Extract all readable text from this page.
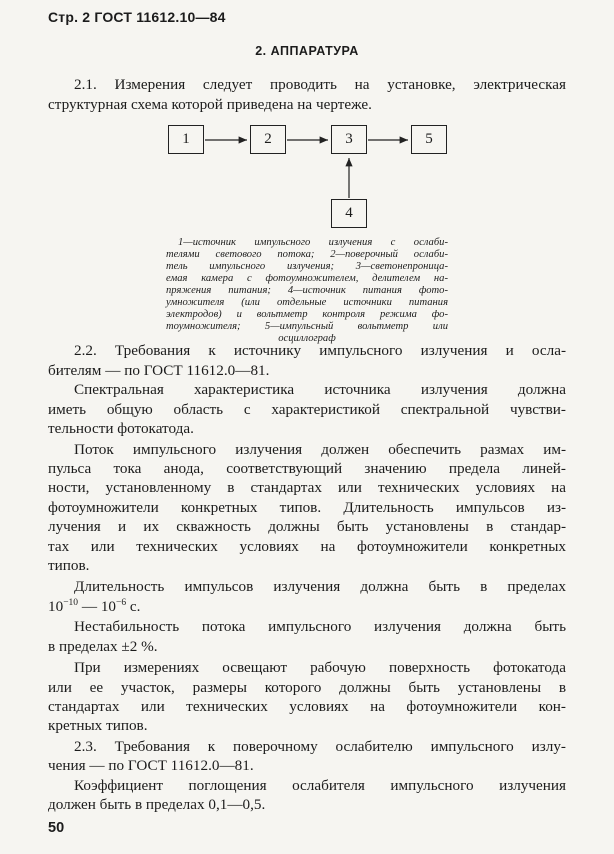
Стр. 2 ГОСТ 11612.10—84
2. АППАРАТУРА
2.1. Измерения следует проводить на установке, электрическая
структурная схема которой приведена на чертеже.
1	2	3	5
4
1—источник импульсного излучения с ослаби-
телями светового потока; 2—поверочный ослаби-
тель импульсного излучения; 3—светонепроница-
емая камера с фотоумножителем, делителем на-
пряжения питания; 4—источник питания фото-
умножителя (или отдельные источники питания
электродов) и вольтметр контроля режима фо-
тоумножителя; 5—импульсный вольтметр или
осциллограф
2.2. Требования к источнику импульсного излучения и осла-
бителям — по ГОСТ 11612.0—81.
Спектральная характеристика источника излучения должна
иметь общую область с характеристикой спектральной чувстви-
тельности фотокатода.
Поток импульсного излучения должен обеспечить размах им-
пульса тока анода, соответствующий значению предела линей-
ности, установленному в стандартах или технических условиях на
фотоумножители конкретных типов. Длительность импульсов из-
лучения и их скважность должны быть установлены в стандар-
тах или технических условиях на фотоумножители конкретных
типов.
Длительность импульсов излучения должна быть в пределах
$10^{-10}$ — $10^{-6}$ с.
Нестабильность потока импульсного излучения должна быть
в пределах ±2 %.
При измерениях освещают рабочую поверхность фотокатода
или ее участок, размеры которого должны быть установлены в
стандартах или технических условиях на фотоумножители кон-
кретных типов.
2.3. Требования к поверочному ослабителю импульсного излу-
чения — по ГОСТ 11612.0—81.
Коэффициент поглощения ослабителя импульсного излучения
должен быть в пределах 0,1—0,5.
50
